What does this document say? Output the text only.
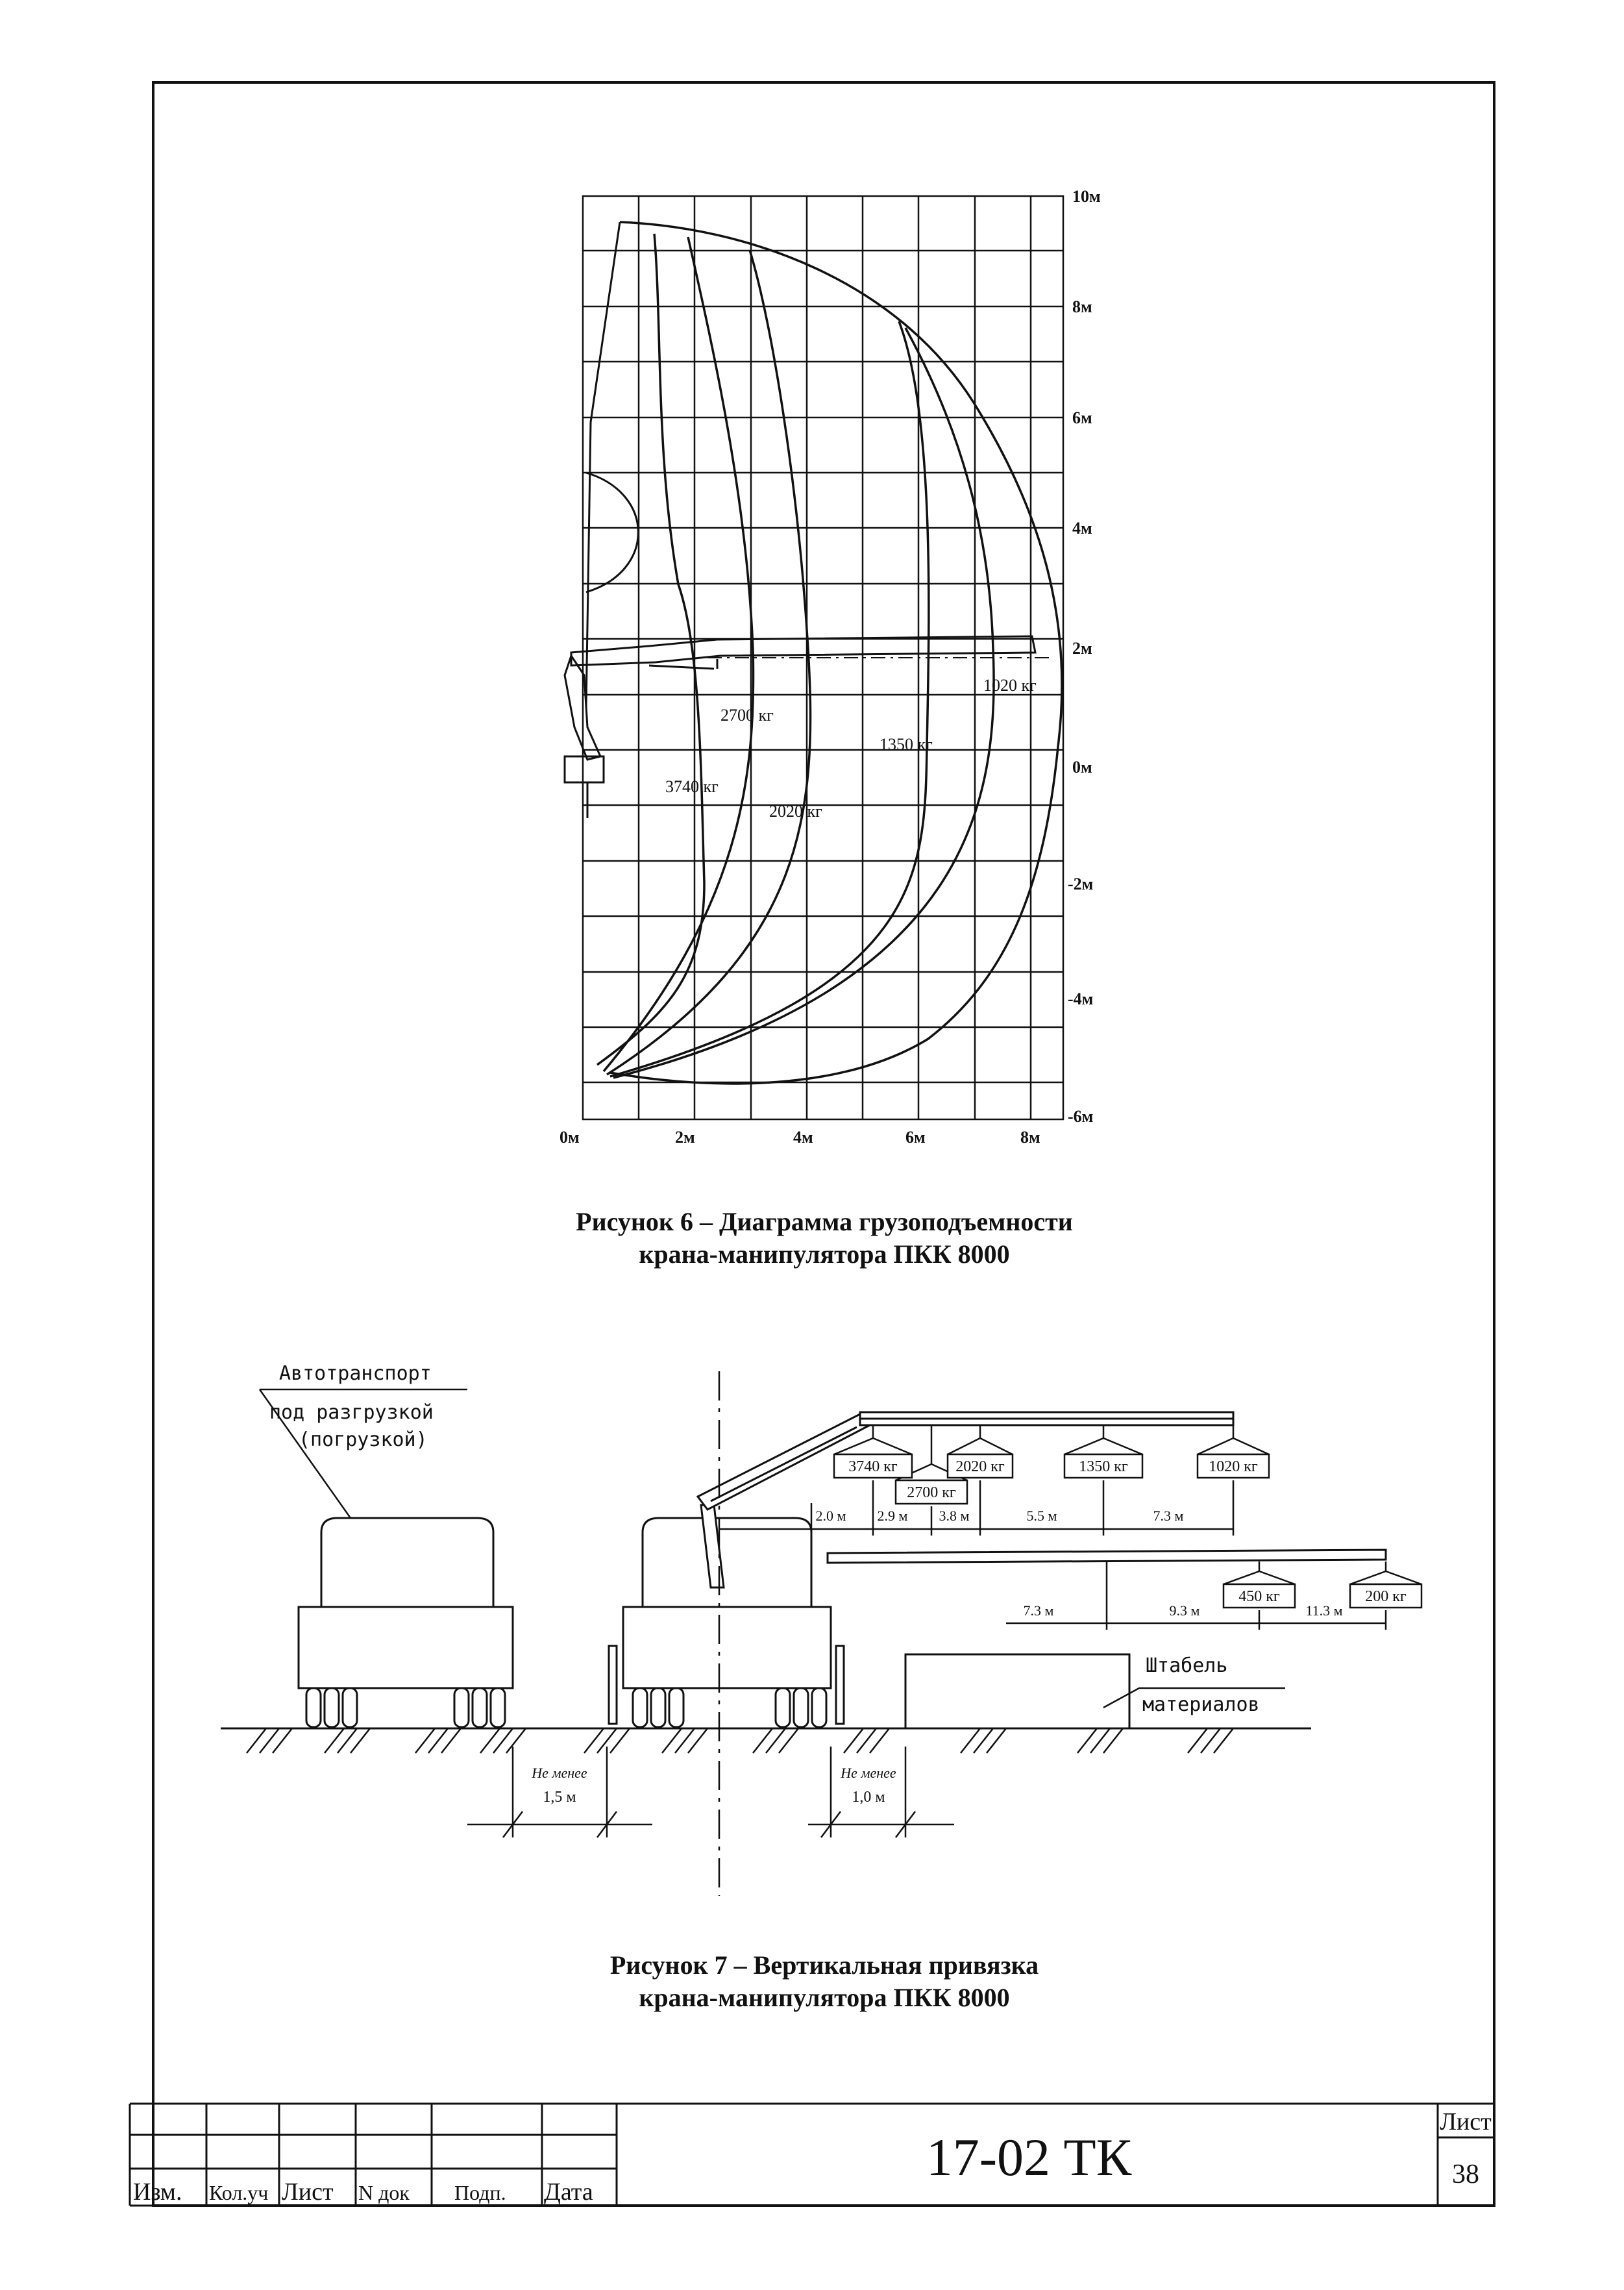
1020 кг
2700 кг
1350 кг
3740 кг
2020 кг
10м
8м
6м
4м
2м
0м
-2м
-4м
-6м
0м	2м	4м	6м	8м
Рисунок 6 – Диаграмма грузоподъемности
крана-манипулятора ПКК 8000
3740 кг
2700 кг
2020 кг	1350 кг	1020 кг
450 кг	200 кг
2.0 м 2.9 м 3.8 м	5.5 м	7.3 м
7.3 м	9.3 м	11.3 м
Штабель
материалов
Автотранспорт
под разгрузкой
(погрузкой)
Не менее
1,5 м
Не менее
1,0 м
Рисунок 7 – Вертикальная привязка
крана-манипулятора ПКК 8000
Изм. Кол.уч Лист N док Подп. Дата
17-02 ТК
Лист
38
